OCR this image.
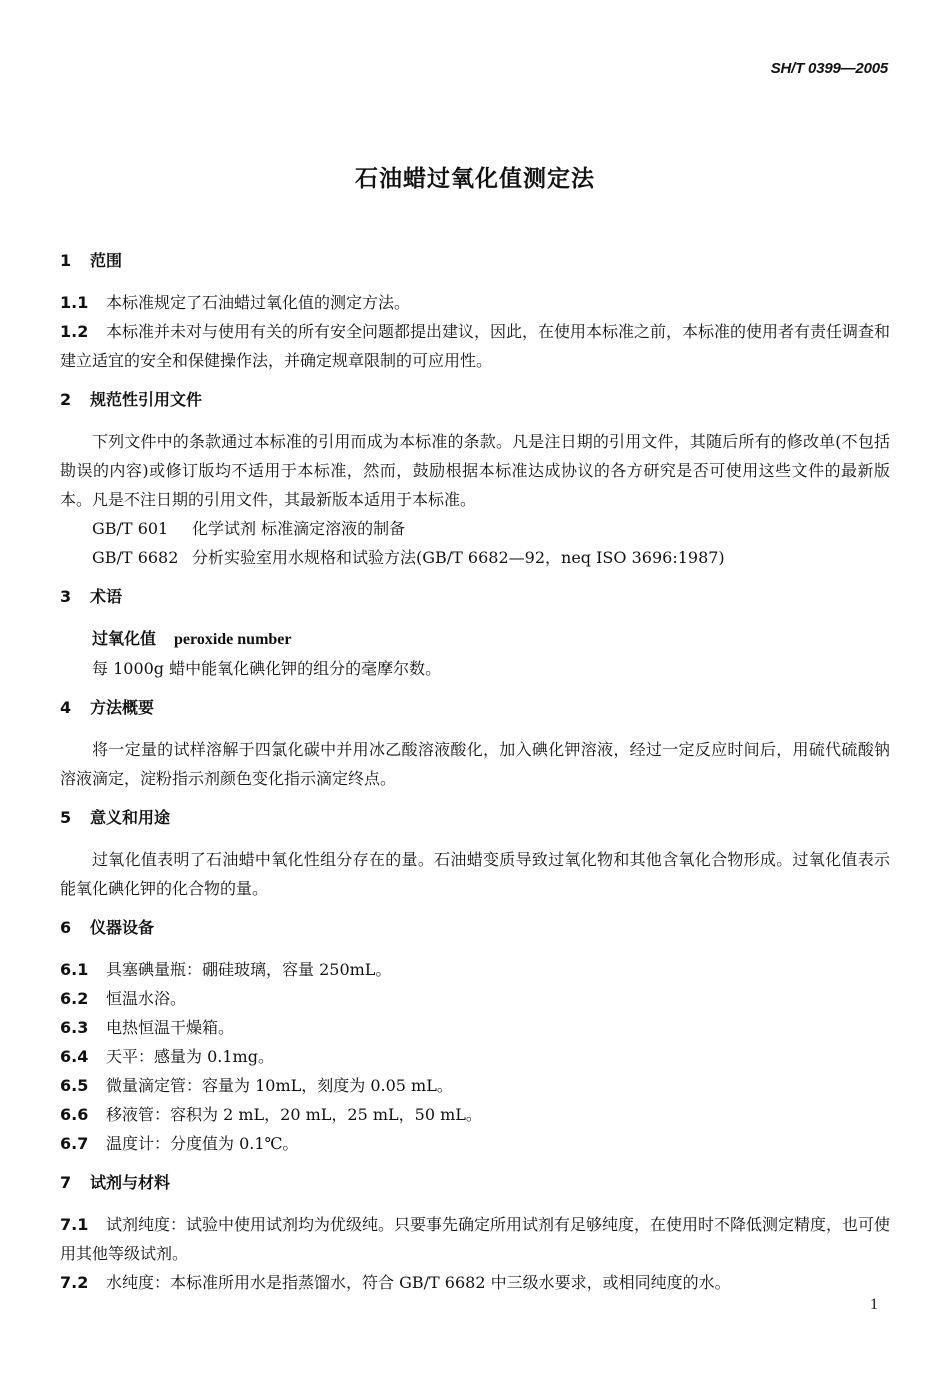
SH/T 0399—2005
石油蜡过氧化值测定法
1 范围
1.1 本标准规定了石油蜡过氧化值的测定方法。
1.2 本标准并未对与使用有关的所有安全问题都提出建议，因此，在使用本标准之前，本标准的使用者有责任调查和建立适宜的安全和保健操作法，并确定规章限制的可应用性。
2 规范性引用文件
下列文件中的条款通过本标准的引用而成为本标准的条款。凡是注日期的引用文件，其随后所有的修改单(不包括勘误的内容)或修订版均不适用于本标准，然而，鼓励根据本标准达成协议的各方研究是否可使用这些文件的最新版本。凡是不注日期的引用文件，其最新版本适用于本标准。
GB/T 601 化学试剂 标准滴定溶液的制备
GB/T 6682 分析实验室用水规格和试验方法(GB/T 6682—92，neq ISO 3696:1987)
3 术语
过氧化值 peroxide number
每 1000g 蜡中能氧化碘化钾的组分的毫摩尔数。
4 方法概要
将一定量的试样溶解于四氯化碳中并用冰乙酸溶液酸化，加入碘化钾溶液，经过一定反应时间后，用硫代硫酸钠溶液滴定，淀粉指示剂颜色变化指示滴定终点。
5 意义和用途
过氧化值表明了石油蜡中氧化性组分存在的量。石油蜡变质导致过氧化物和其他含氧化合物形成。过氧化值表示能氧化碘化钾的化合物的量。
6 仪器设备
6.1 具塞碘量瓶：硼硅玻璃，容量 250mL。
6.2 恒温水浴。
6.3 电热恒温干燥箱。
6.4 天平：感量为 0.1mg。
6.5 微量滴定管：容量为 10mL，刻度为 0.05 mL。
6.6 移液管：容积为 2 mL，20 mL，25 mL，50 mL。
6.7 温度计：分度值为 0.1℃。
7 试剂与材料
7.1 试剂纯度：试验中使用试剂均为优级纯。只要事先确定所用试剂有足够纯度，在使用时不降低测定精度，也可使用其他等级试剂。
7.2 水纯度：本标准所用水是指蒸馏水，符合 GB/T 6682 中三级水要求，或相同纯度的水。
1
